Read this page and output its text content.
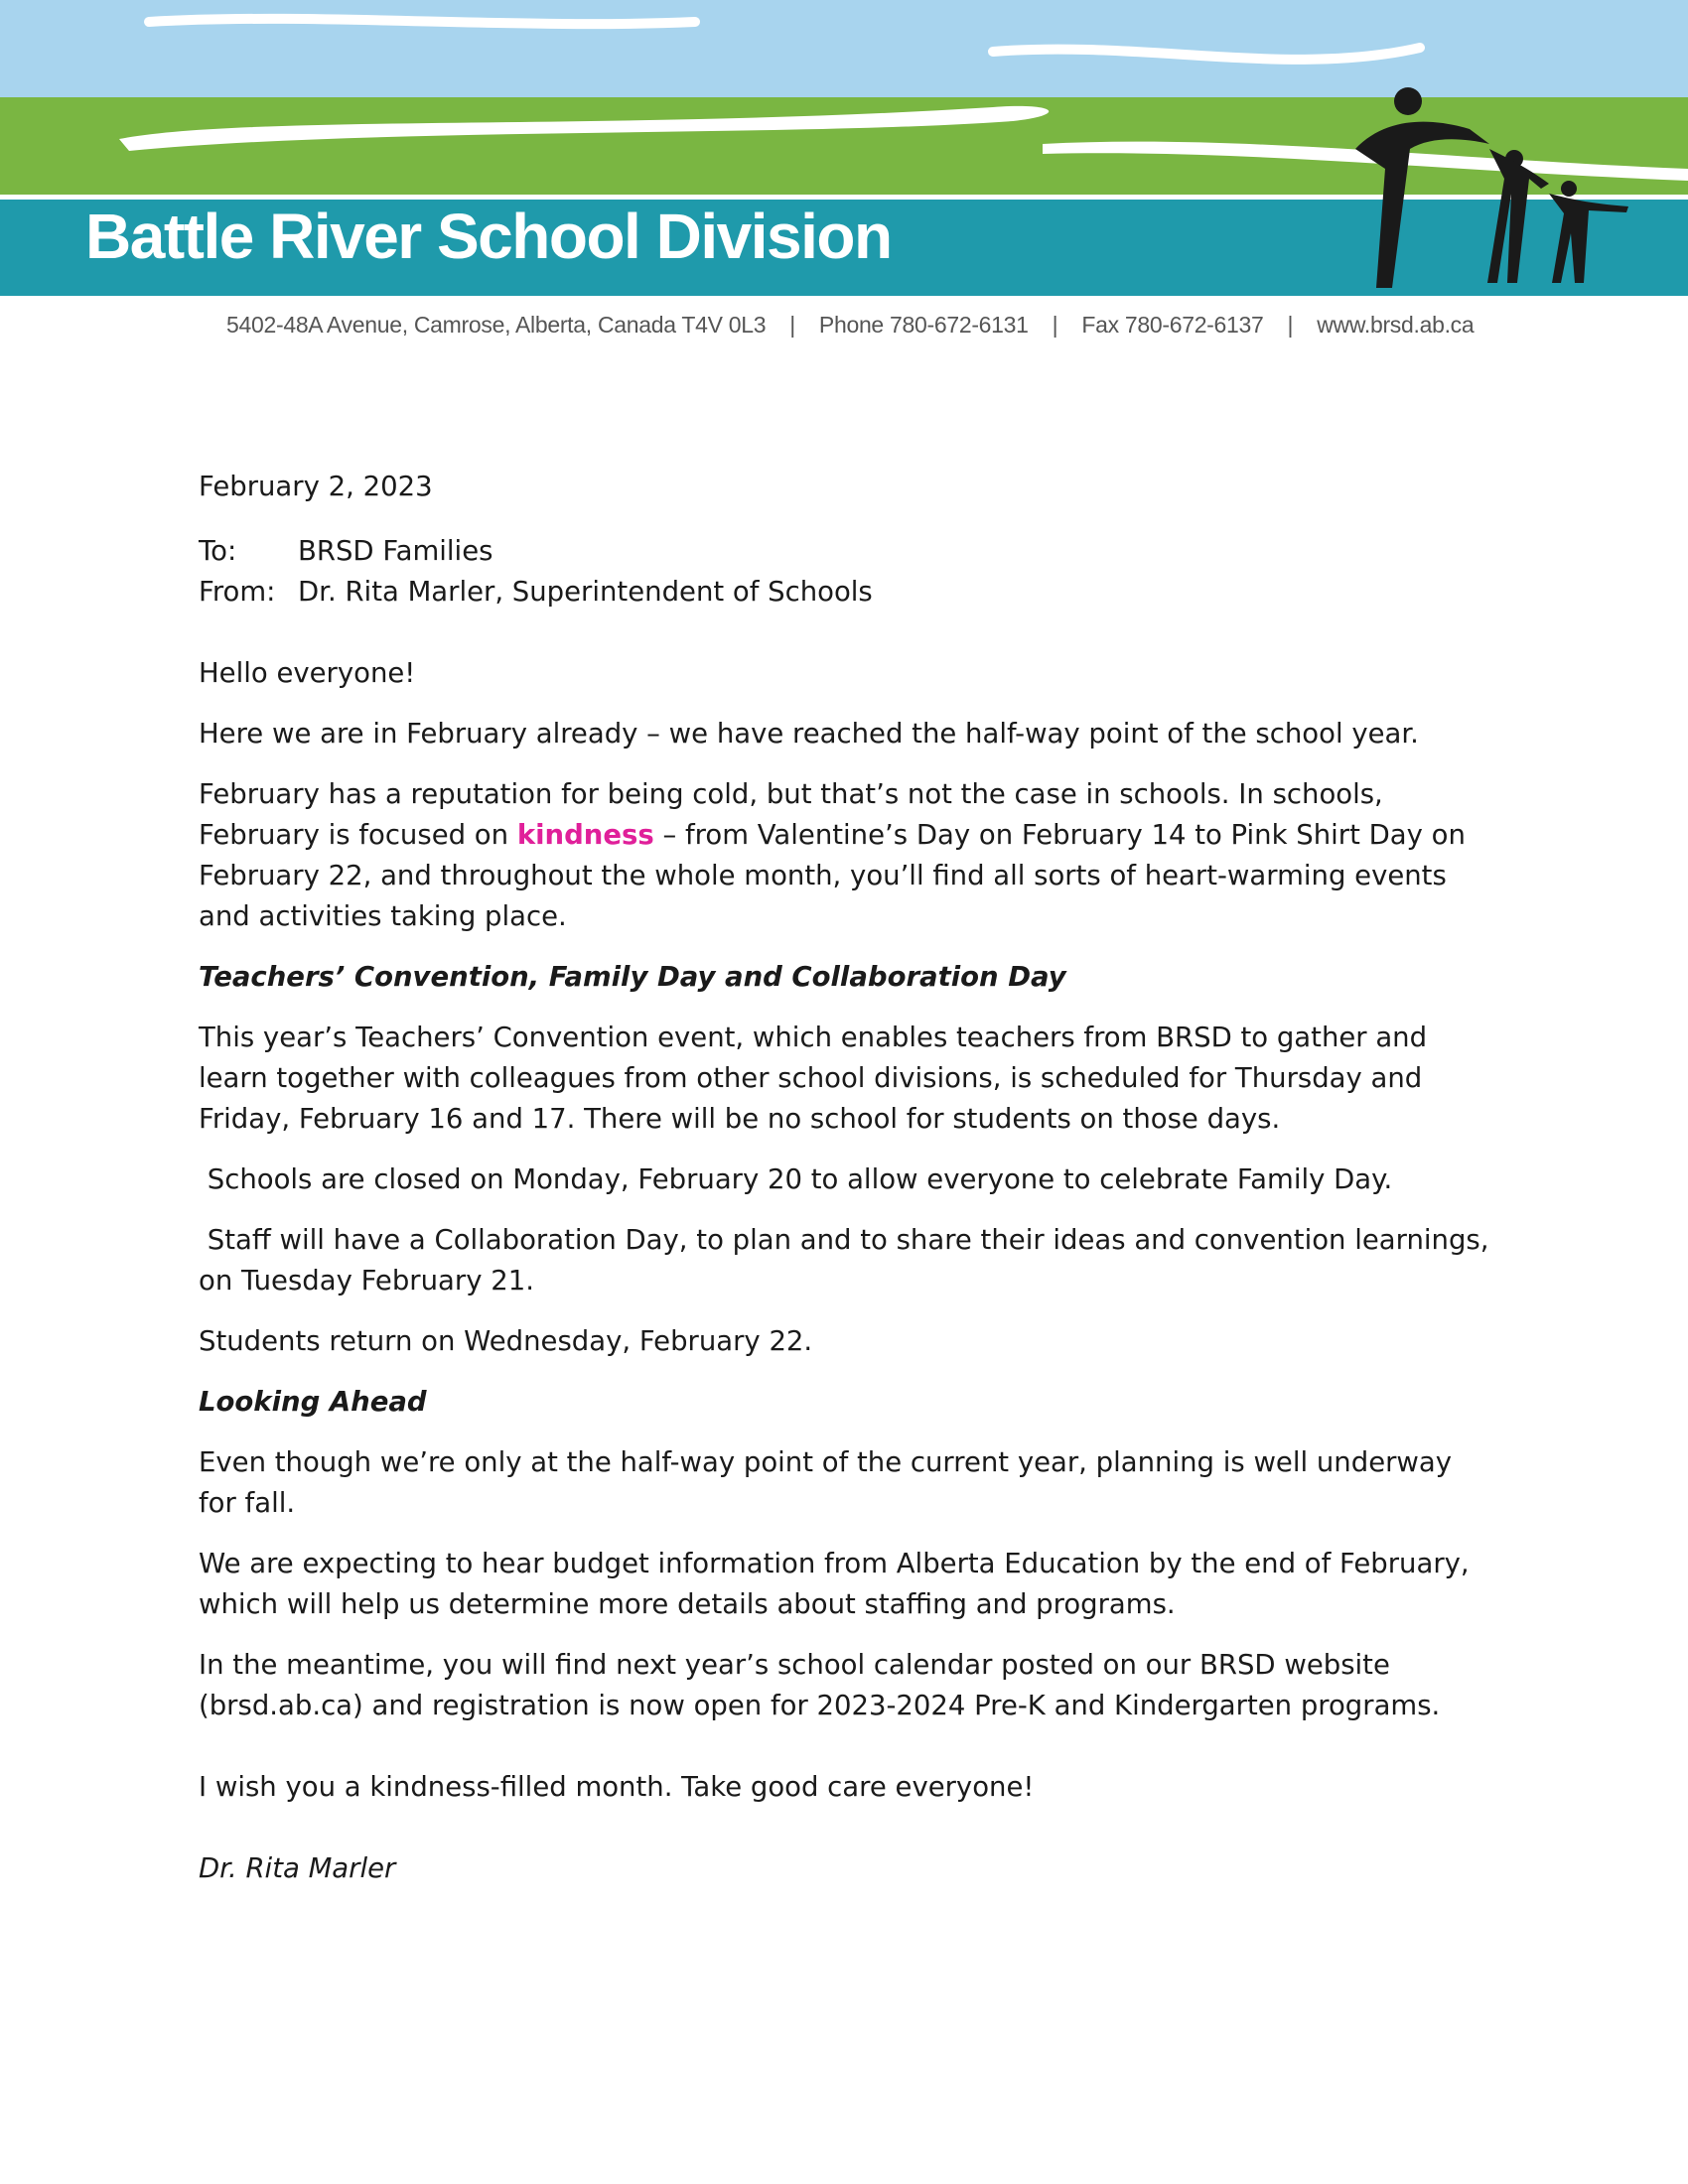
Battle River School Division
5402-48A Avenue, Camrose, Alberta, Canada T4V 0L3 | Phone 780-672-6131 | Fax 780-672-6137 | www.brsd.ab.ca

February 2, 2023

To:	BRSD Families
From: Dr. Rita Marler, Superintendent of Schools

Hello everyone!

Here we are in February already – we have reached the half-way point of the school year.

February has a reputation for being cold, but that’s not the case in schools. In schools, February is focused on kindness – from Valentine’s Day on February 14 to Pink Shirt Day on February 22, and throughout the whole month, you’ll find all sorts of heart-warming events and activities taking place.

Teachers’ Convention, Family Day and Collaboration Day

This year’s Teachers’ Convention event, which enables teachers from BRSD to gather and learn together with colleagues from other school divisions, is scheduled for Thursday and Friday, February 16 and 17. There will be no school for students on those days.

Schools are closed on Monday, February 20 to allow everyone to celebrate Family Day.

Staff will have a Collaboration Day, to plan and to share their ideas and convention learnings, on Tuesday February 21.

Students return on Wednesday, February 22.

Looking Ahead

Even though we’re only at the half-way point of the current year, planning is well underway for fall.

We are expecting to hear budget information from Alberta Education by the end of February, which will help us determine more details about staffing and programs.

In the meantime, you will find next year’s school calendar posted on our BRSD website (brsd.ab.ca) and registration is now open for 2023-2024 Pre-K and Kindergarten programs.

I wish you a kindness-filled month. Take good care everyone!

Dr. Rita Marler
